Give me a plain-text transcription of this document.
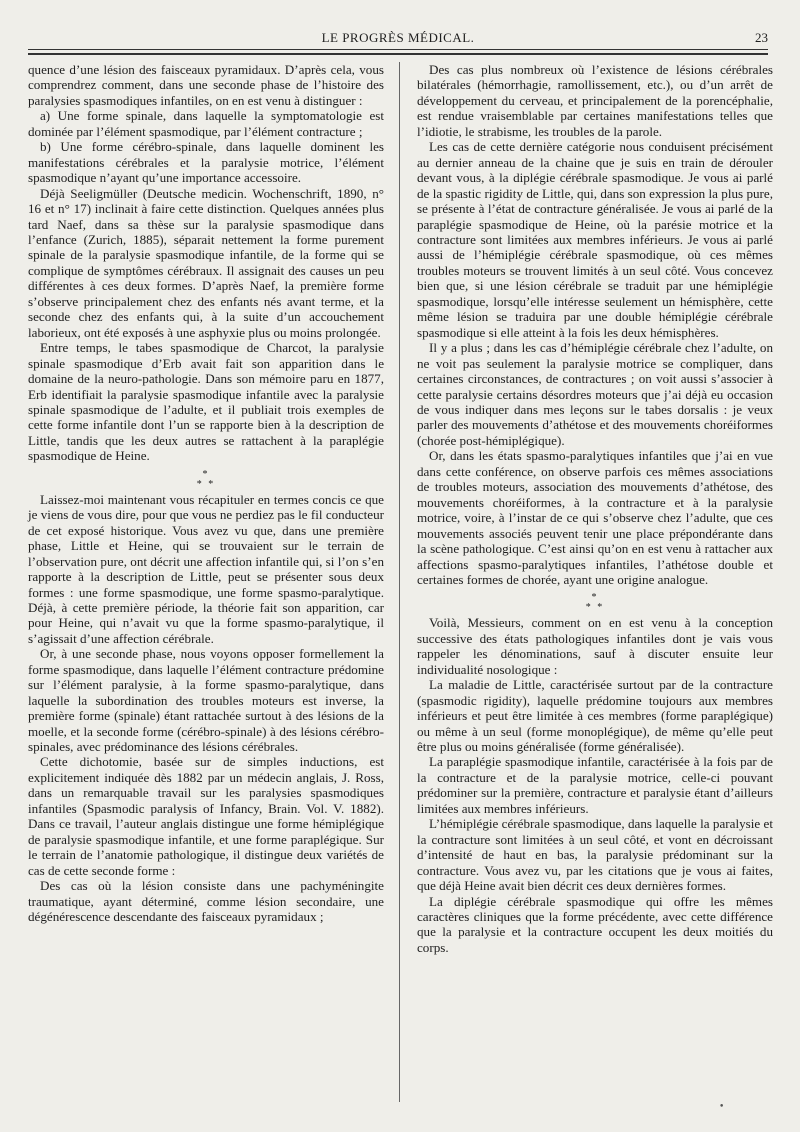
LE PROGRÈS MÉDICAL.	23

quence d’une lésion des faisceaux pyramidaux. D’après cela, vous comprendrez comment, dans une seconde phase de l’histoire des paralysies spasmodiques infantiles, on en est venu à distinguer :

a) Une forme spinale, dans laquelle la symptomatologie est dominée par l’élément spasmodique, par l’élément contracture ;

b) Une forme cérébro-spinale, dans laquelle dominent les manifestations cérébrales et la paralysie motrice, l’élément spasmodique n’ayant qu’une importance accessoire.

Déjà Seeligmüller (Deutsche medicin. Wochenschrift, 1890, n° 16 et n° 17) inclinait à faire cette distinction. Quelques années plus tard Naef, dans sa thèse sur la paralysie spasmodique dans l’enfance (Zurich, 1885), séparait nettement la forme purement spinale de la paralysie spasmodique infantile, de la forme qui se complique de symptômes cérébraux. Il assignait des causes un peu différentes à ces deux formes. D’après Naef, la première forme s’observe principalement chez des enfants nés avant terme, et la seconde chez des enfants qui, à la suite d’un accouchement laborieux, ont été exposés à une asphyxie plus ou moins prolongée.

Entre temps, le tabes spasmodique de Charcot, la paralysie spinale spasmodique d’Erb avait fait son apparition dans le domaine de la neuro-pathologie. Dans son mémoire paru en 1877, Erb identifiait la paralysie spasmodique infantile avec la paralysie spinale spasmodique de l’adulte, et il publiait trois exemples de cette forme infantile dont l’un se rapporte bien à la description de Little, tandis que les deux autres se rattachent à la paraplégie spasmodique de Heine.

*
* *

Laissez-moi maintenant vous récapituler en termes concis ce que je viens de vous dire, pour que vous ne perdiez pas le fil conducteur de cet exposé historique. Vous avez vu que, dans une première phase, Little et Heine, qui se trouvaient sur le terrain de l’observation pure, ont décrit une affection infantile qui, si l’on s’en rapporte à la description de Little, peut se présenter sous deux formes : une forme spasmodique, une forme spasmo-paralytique. Déjà, à cette première période, la théorie fait son apparition, car pour Heine, qui n’avait vu que la forme spasmo-paralytique, il s’agissait d’une affection cérébrale.

Or, à une seconde phase, nous voyons opposer formellement la forme spasmodique, dans laquelle l’élément contracture prédomine sur l’élément paralysie, à la forme spasmo-paralytique, dans laquelle la subordination des troubles moteurs est inverse, la première forme (spinale) étant rattachée surtout à des lésions de la moelle, et la seconde forme (cérébro-spinale) à des lésions cérébro-spinales, avec prédominance des lésions cérébrales.

Cette dichotomie, basée sur de simples inductions, est explicitement indiquée dès 1882 par un médecin anglais, J. Ross, dans un remarquable travail sur les paralysies spasmodiques infantiles (Spasmodic paralysis of Infancy, Brain. Vol. V. 1882). Dans ce travail, l’auteur anglais distingue une forme hémiplégique de paralysie spasmodique infantile, et une forme paraplégique. Sur le terrain de l’anatomie pathologique, il distingue deux variétés de cas de cette seconde forme :

Des cas où la lésion consiste dans une pachyméningite traumatique, ayant déterminé, comme lésion secondaire, une dégénérescence descendante des faisceaux pyramidaux ;

Des cas plus nombreux où l’existence de lésions cérébrales bilatérales (hémorrhagie, ramollissement, etc.), ou d’un arrêt de développement du cerveau, et principalement de la porencéphalie, est rendue vraisemblable par certaines manifestations telles que l’idiotie, le strabisme, les troubles de la parole.

Les cas de cette dernière catégorie nous conduisent précisément au dernier anneau de la chaine que je suis en train de dérouler devant vous, à la diplégie cérébrale spasmodique. Je vous ai parlé de la spastic rigidity de Little, qui, dans son expression la plus pure, se présente à l’état de contracture généralisée. Je vous ai parlé de la paraplégie spasmodique de Heine, où la parésie motrice et la contracture sont limitées aux membres inférieurs. Je vous ai parlé aussi de l’hémiplégie cérébrale spasmodique, où ces mêmes troubles moteurs se trouvent limités à un seul côté. Vous concevez bien que, si une lésion cérébrale se traduit par une hémiplégie spasmodique, lorsqu’elle intéresse seulement un hémisphère, cette même lésion se traduira par une double hémiplégie cérébrale spasmodique si elle atteint à la fois les deux hémisphères.

Il y a plus ; dans les cas d’hémiplégie cérébrale chez l’adulte, on ne voit pas seulement la paralysie motrice se compliquer, dans certaines circonstances, de contractures ; on voit aussi s’associer à cette paralysie certains désordres moteurs que j’ai déjà eu occasion de vous indiquer dans mes leçons sur le tabes dorsalis : je veux parler des mouvements d’athétose et des mouvements choréiformes (chorée post-hémiplégique).

Or, dans les états spasmo-paralytiques infantiles que j’ai en vue dans cette conférence, on observe parfois ces mêmes associations de troubles moteurs, association des mouvements d’athétose, des mouvements choréiformes, à la contracture et à la paralysie motrice, voire, à l’instar de ce qui s’observe chez l’adulte, que ces mouvements associés peuvent tenir une place prépondérante dans la scène pathologique. C’est ainsi qu’on en est venu à rattacher aux affections spasmo-paralytiques infantiles, l’athétose double et certaines formes de chorée, ayant une origine analogue.

*
* *

Voilà, Messieurs, comment on en est venu à la conception successive des états pathologiques infantiles dont je vais vous rappeler les dénominations, sauf à discuter ensuite leur individualité nosologique :

La maladie de Little, caractérisée surtout par de la contracture (spasmodic rigidity), laquelle prédomine toujours aux membres inférieurs et peut être limitée à ces membres (forme paraplégique) ou même à un seul (forme monoplégique), de même qu’elle peut être plus ou moins généralisée (forme généralisée).

La paraplégie spasmodique infantile, caractérisée à la fois par de la contracture et de la paralysie motrice, celle-ci pouvant prédominer sur la première, contracture et paralysie étant d’ailleurs limitées aux membres inférieurs.

L’hémiplégie cérébrale spasmodique, dans laquelle la paralysie et la contracture sont limitées à un seul côté, et vont en décroissant d’intensité de haut en bas, la paralysie prédominant sur la contracture. Vous avez vu, par les citations que je vous ai faites, que déjà Heine avait bien décrit ces deux dernières formes.

La diplégie cérébrale spasmodique qui offre les mêmes caractères cliniques que la forme précédente, avec cette différence que la paralysie et la contracture occupent les deux moitiés du corps.

•
